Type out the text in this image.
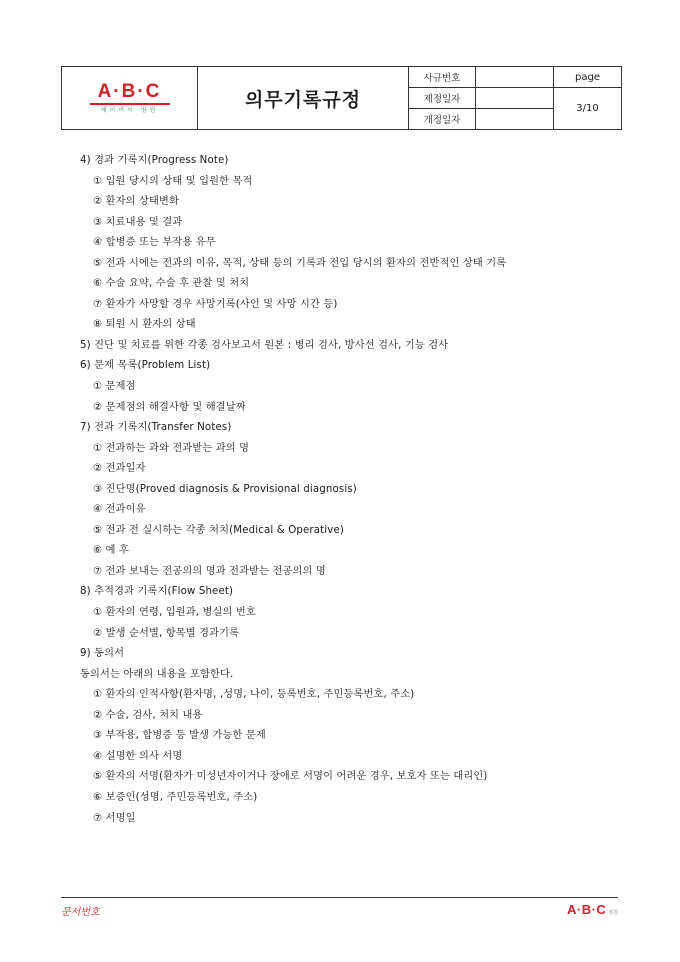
A·B·C
에이비씨 병원	의무기록규정	사규번호		page
		제정일자		3/10
		개정일자		
4) 경과 기록지(Progress Note)
① 입원 당시의 상태 및 입원한 목적
② 환자의 상태변화
③ 치료내용 및 결과
④ 합병증 또는 부작용 유무
⑤ 전과 시에는 전과의 이유, 목적, 상태 등의 기록과 전입 당시의 환자의 전반적인 상태 기록
⑥ 수술 요약, 수술 후 관찰 및 처치
⑦ 환자가 사망할 경우 사망기록(사인 및 사망 시간 등)
⑧ 퇴원 시 환자의 상태
5) 진단 및 치료를 위한 각종 검사보고서 원본 : 병리 검사, 방사선 검사, 기능 검사
6) 문제 목록(Problem List)
① 문제점
② 문제점의 해결사항 및 해결날짜
7) 전과 기록지(Transfer Notes)
① 전과하는 과와 전과받는 과의 명
② 전과일자
③ 진단명(Proved diagnosis & Provisional diagnosis)
④ 전과이유
⑤ 전과 전 실시하는 각종 처치(Medical & Operative)
⑥ 예 후
⑦ 전과 보내는 전공의의 명과 전과받는 전공의의 명
8) 추적경과 기록지(Flow Sheet)
① 환자의 연령, 입원과, 병실의 번호
② 발생 순서별, 항목별 경과기록
9) 동의서
동의서는 아래의 내용을 포함한다.
① 환자의 인적사항(환자명, ,성명, 나이, 등록번호, 주민등록번호, 주소)
② 수술, 검사, 처치 내용
③ 부작용, 합병증 등 발생 가능한 문제
④ 설명한 의사 서명
⑤ 환자의 서명(환자가 미성년자이거나 장애로 서명이 어려운 경우, 보호자 또는 대리인)
⑥ 보증인(성명, 주민등록번호, 주소)
⑦ 서명일
문서번호	A·B·C 병원
